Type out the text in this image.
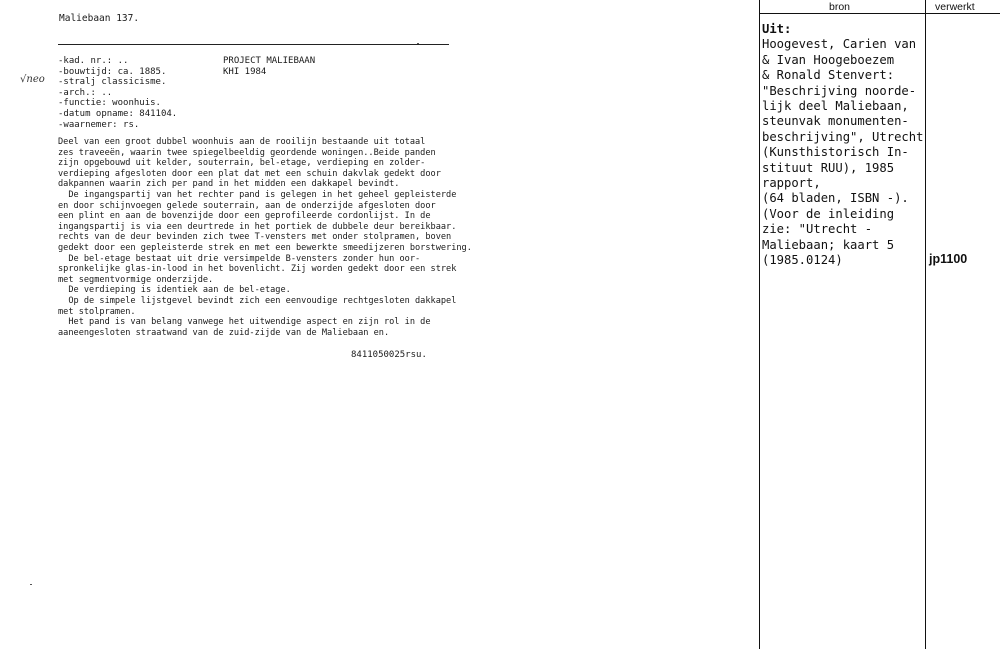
Maliebaan 137.
-kad. nr.: ..
-bouwtijd: ca. 1885.
-stralj classicisme.
-arch.: ..
-functie: woonhuis.
-datum opname: 841104.
-waarnemer: rs.
PROJECT MALIEBAAN
KHI 1984
√neo
Deel van een groot dubbel woonhuis aan de rooilijn bestaande uit totaal
zes traveeën, waarin twee spiegelbeeldig geordende woningen..Beide panden
zijn opgebouwd uit kelder, souterrain, bel-etage, verdieping en zolder-
verdieping afgesloten door een plat dat met een schuin dakvlak gedekt door
dakpannen waarin zich per pand in het midden een dakkapel bevindt.
De ingangspartij van het rechter pand is gelegen in het geheel gepleisterde
en door schijnvoegen gelede souterrain, aan de onderzijde afgesloten door
een plint en aan de bovenzijde door een geprofileerde cordonlijst. In de
ingangspartij is via een deurtrede in het portiek de dubbele deur bereikbaar.
rechts van de deur bevinden zich twee T-vensters met onder stolpramen, boven
gedekt door een gepleisterde strek en met een bewerkte smeedijzeren borstwering.
De bel-etage bestaat uit drie versimpelde B-vensters zonder hun oor-
spronkelijke glas-in-lood in het bovenlicht. Zij worden gedekt door een strek
met segmentvormige onderzijde.
De verdieping is identiek aan de bel-etage.
Op de simpele lijstgevel bevindt zich een eenvoudige rechtgesloten dakkapel
met stolpramen.
Het pand is van belang vanwege het uitwendige aspect en zijn rol in de
aaneengesloten straatwand van de zuid-zijde van de Maliebaan en.
8411050025rsu.
bron	verwerkt
Uit:
Hoogevest, Carien van
& Ivan Hoogeboezem
& Ronald Stenvert:
"Beschrijving noorde-
lijk deel Maliebaan,
steunvak monumenten-
beschrijving", Utrecht
(Kunsthistorisch In-
stituut RUU), 1985
rapport,
(64 bladen, ISBN -).
(Voor de inleiding
zie: "Utrecht -
Maliebaan; kaart 5
(1985.0124)	jp1100
